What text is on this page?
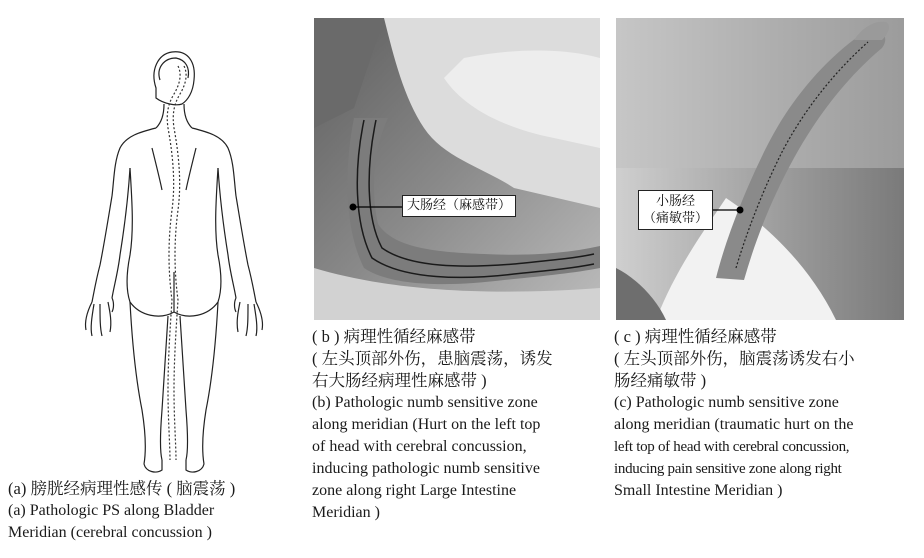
(a) 膀胱经病理性感传 ( 脑震荡 )
(a) Pathologic PS along Bladder
Meridian (cerebral concussion )
大肠经（麻感带）
( b ) 病理性循经麻感带
( 左头顶部外伤，患脑震荡，诱发
右大肠经病理性麻感带 )
(b) Pathologic numb sensitive zone
along meridian (Hurt on the left top
of head with cerebral concussion,
inducing pathologic numb sensitive
zone along right Large Intestine
Meridian )
小肠经
（痛敏带）
( c ) 病理性循经麻感带
( 左头顶部外伤，脑震荡诱发右小
肠经痛敏带 )
(c) Pathologic numb sensitive zone
along meridian (traumatic hurt on the
left top of head with cerebral concussion,
inducing pain sensitive zone along right
Small Intestine Meridian )
